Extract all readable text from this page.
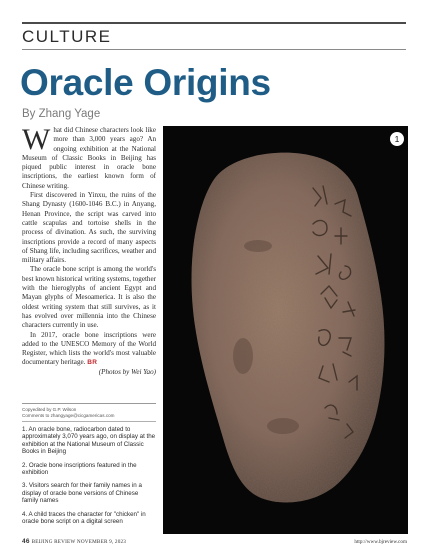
CULTURE
Oracle Origins
By Zhang Yage

What did Chinese characters look like more than 3,000 years ago? An ongoing exhibition at the National Museum of Classic Books in Beijing has piqued public interest in oracle bone inscriptions, the earliest known form of Chinese writing.

First discovered in Yinxu, the ruins of the Shang Dynasty (1600-1046 B.C.) in Anyang, Henan Province, the script was carved into cattle scapulas and tortoise shells in the process of divination. As such, the surviving inscriptions provide a record of many aspects of Shang life, including sacrifices, weather and military affairs.

The oracle bone script is among the world's best known historical writing systems, together with the hieroglyphs of ancient Egypt and Mayan glyphs of Mesoamerica. It is also the oldest writing system that still survives, as it has evolved over millennia into the Chinese characters currently in use.

In 2017, oracle bone inscriptions were added to the UNESCO Memory of the World Register, which lists the world's most valuable documentary heritage. BR

(Photos by Wei Yao)

Copyedited by G.P. Wilson
Comments to zhangyage@cicgamericas.com
1. An oracle bone, radiocarbon dated to approximately 3,070 years ago, on display at the exhibition at the National Museum of Classic Books in Beijing
2. Oracle bone inscriptions featured in the exhibition
3. Visitors search for their family names in a display of oracle bone versions of Chinese family names
4. A child traces the character for "chicken" in oracle bone script on a digital screen
1
46 BEIJING REVIEW NOVEMBER 9, 2023	http://www.bjreview.com
